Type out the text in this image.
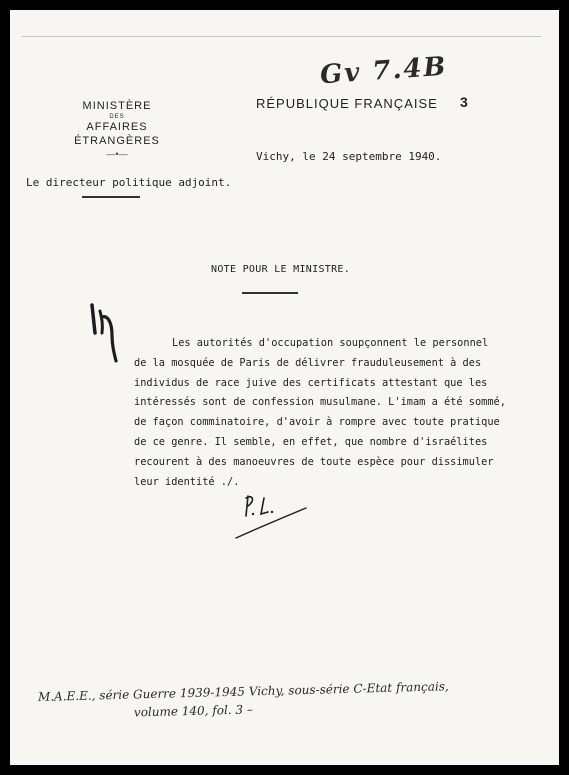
Gv 7.4B
MINISTÈRE
DES
AFFAIRES ÉTRANGÈRES
—•—
RÉPUBLIQUE FRANÇAISE 3
Vichy, le 24 septembre 1940.
Le directeur politique adjoint.
NOTE POUR LE MINISTRE.
Les autorités d'occupation soupçonnent le personnel
de la mosquée de Paris de délivrer frauduleusement à des
individus de race juive des certificats attestant que les
intéressés sont de confession musulmane. L'imam a été sommé,
de façon comminatoire, d'avoir à rompre avec toute pratique
de ce genre. Il semble, en effet, que nombre d'israélites
recourent à des manoeuvres de toute espèce pour dissimuler
leur identité ./.
M.A.E.E., série Guerre 1939-1945 Vichy, sous-série C-Etat français,
volume 140, fol. 3 –
